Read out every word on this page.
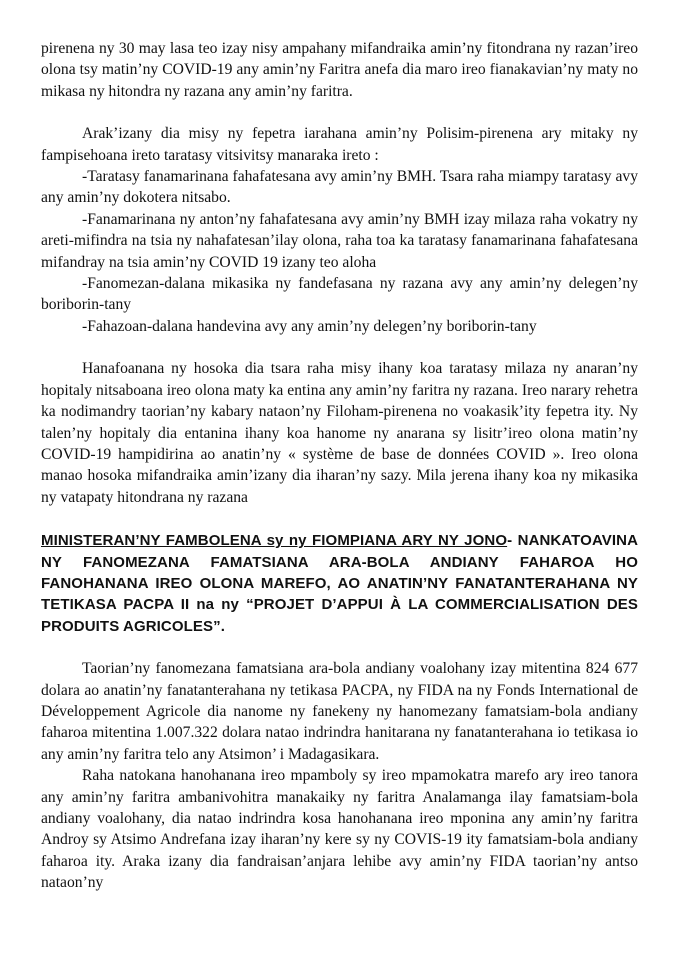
pirenena ny 30 may lasa teo izay nisy ampahany mifandraika amin’ny fitondrana ny razan’ireo olona tsy matin’ny COVID-19 any amin’ny Faritra anefa dia maro ireo fianakavian’ny maty no mikasa ny hitondra ny razana any amin’ny faritra.

Arak’izany dia misy ny fepetra iarahana amin’ny Polisim-pirenena ary mitaky ny fampisehoana ireto taratasy vitsivitsy manaraka ireto :

-Taratasy fanamarinana fahafatesana avy amin’ny BMH. Tsara raha miampy taratasy avy any amin’ny dokotera nitsabo.

-Fanamarinana ny anton’ny fahafatesana avy amin’ny BMH izay milaza raha vokatry ny areti-mifindra na tsia ny nahafatesan’ilay olona, raha toa ka taratasy fanamarinana fahafatesana mifandray na tsia amin’ny COVID 19 izany teo aloha

-Fanomezan-dalana mikasika ny fandefasana ny razana avy any amin’ny delegen’ny boriborin-tany

-Fahazoan-dalana handevina avy any amin’ny delegen’ny boriborin-tany

Hanafoanana ny hosoka dia tsara raha misy ihany koa taratasy milaza ny anaran’ny hopitaly nitsaboana ireo olona maty ka entina any amin’ny faritra ny razana. Ireo narary rehetra ka nodimandry taorian’ny kabary nataon’ny Filoham-pirenena no voakasik’ity fepetra ity. Ny talen’ny hopitaly dia entanina ihany koa hanome ny anarana sy lisitr’ireo olona matin’ny COVID-19 hampidirina ao anatin’ny « système de base de données COVID ». Ireo olona manao hosoka mifandraika amin’izany dia iharan’ny sazy. Mila jerena ihany koa ny mikasika ny vatapaty hitondrana ny razana

MINISTERAN’NY FAMBOLENA sy ny FIOMPIANA ARY NY JONO- NANKATOAVINA NY FANOMEZANA FAMATSIANA ARA-BOLA ANDIANY FAHAROA HO FANOHANANA IREO OLONA MAREFO, AO ANATIN’NY FANATANTERAHANA NY TETIKASA PACPA II na ny “PROJET D’APPUI À LA COMMERCIALISATION DES PRODUITS AGRICOLES”.

Taorian’ny fanomezana famatsiana ara-bola andiany voalohany izay mitentina 824 677 dolara ao anatin’ny fanatanterahana ny tetikasa PACPA, ny FIDA na ny Fonds International de Développement Agricole dia nanome ny fanekeny ny hanomezany famatsiam-bola andiany faharoa mitentina 1.007.322 dolara natao indrindra hanitarana ny fanatanterahana io tetikasa io any amin’ny faritra telo any Atsimon’ i Madagasikara.

Raha natokana hanohanana ireo mpamboly sy ireo mpamokatra marefo ary ireo tanora any amin’ny faritra ambanivohitra manakaiky ny faritra Analamanga ilay famatsiam-bola andiany voalohany, dia natao indrindra kosa hanohanana ireo mponina any amin’ny faritra Androy sy Atsimo Andrefana izay iharan’ny kere sy ny COVIS-19 ity famatsiam-bola andiany faharoa ity. Araka izany dia fandraisan’anjara lehibe avy amin’ny FIDA taorian’ny antso nataon’ny
